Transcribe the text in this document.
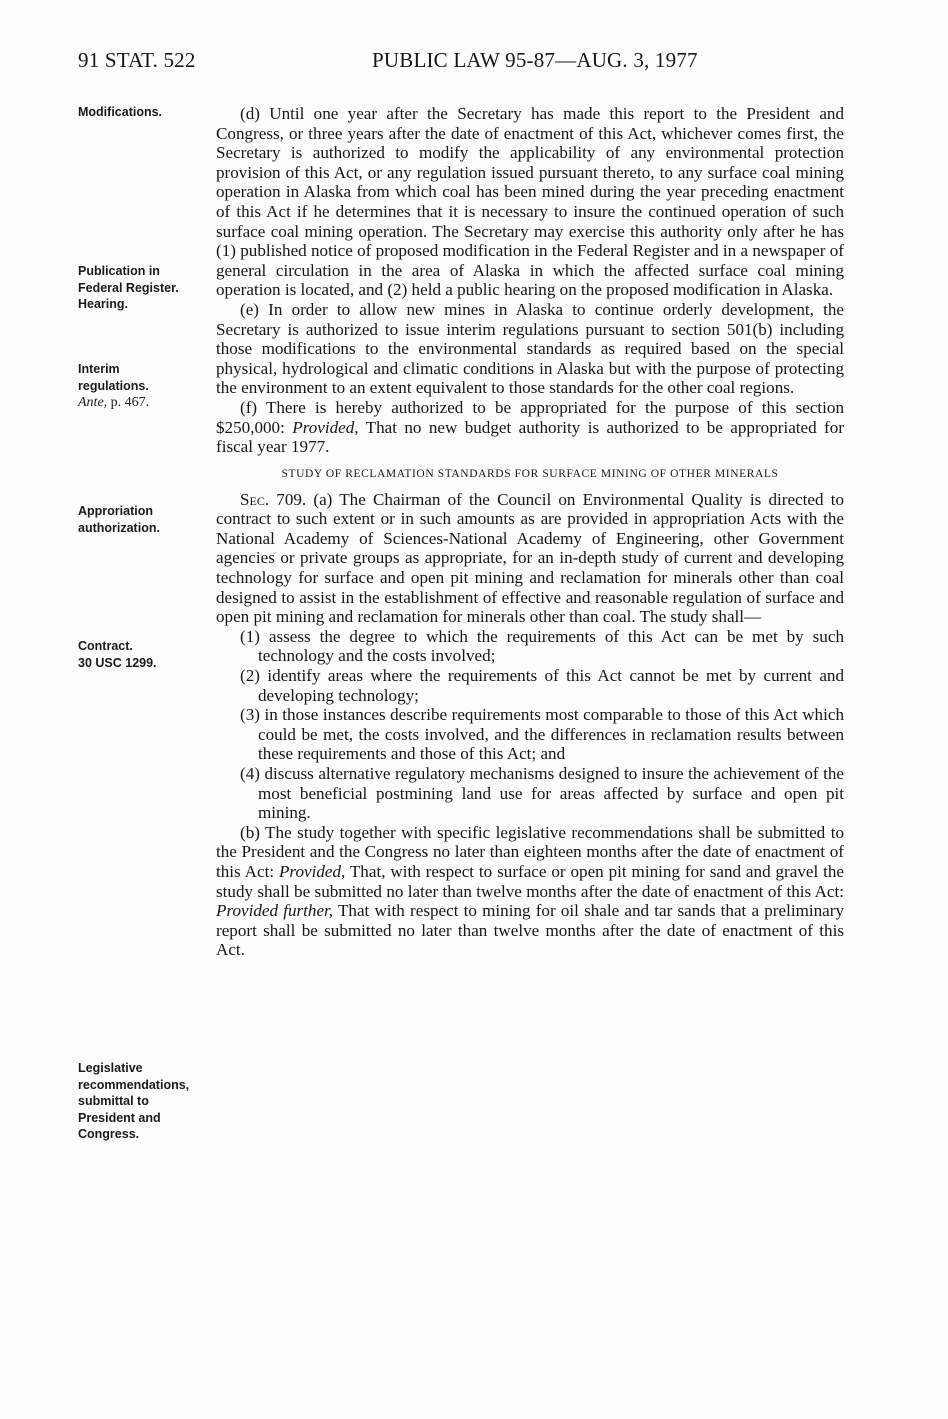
91 STAT. 522	PUBLIC LAW 95-87—AUG. 3, 1977

Modifications.
Publication in
Federal Register.
Hearing.
Interim
regulations.
Ante, p. 467.
Approriation
authorization.
Contract.
30 USC 1299.
Legislative
recommendations,
submittal to
President and
Congress.

(d) Until one year after the Secretary has made this report to the President and Congress, or three years after the date of enactment of this Act, whichever comes first, the Secretary is authorized to modify the applicability of any environmental protection provision of this Act, or any regulation issued pursuant thereto, to any surface coal mining operation in Alaska from which coal has been mined during the year preceding enactment of this Act if he determines that it is necessary to insure the continued operation of such surface coal mining operation. The Secretary may exercise this authority only after he has (1) published notice of proposed modification in the Federal Register and in a newspaper of general circulation in the area of Alaska in which the affected surface coal mining operation is located, and (2) held a public hearing on the proposed modification in Alaska.

(e) In order to allow new mines in Alaska to continue orderly development, the Secretary is authorized to issue interim regulations pursuant to section 501(b) including those modifications to the environmental standards as required based on the special physical, hydrological and climatic conditions in Alaska but with the purpose of protecting the environment to an extent equivalent to those standards for the other coal regions.

(f) There is hereby authorized to be appropriated for the purpose of this section $250,000: Provided, That no new budget authority is authorized to be appropriated for fiscal year 1977.

STUDY OF RECLAMATION STANDARDS FOR SURFACE MINING OF OTHER MINERALS

Sec. 709. (a) The Chairman of the Council on Environmental Quality is directed to contract to such extent or in such amounts as are provided in appropriation Acts with the National Academy of Sciences-National Academy of Engineering, other Government agencies or private groups as appropriate, for an in-depth study of current and developing technology for surface and open pit mining and reclamation for minerals other than coal designed to assist in the establishment of effective and reasonable regulation of surface and open pit mining and reclamation for minerals other than coal. The study shall—

(1) assess the degree to which the requirements of this Act can be met by such technology and the costs involved;

(2) identify areas where the requirements of this Act cannot be met by current and developing technology;

(3) in those instances describe requirements most comparable to those of this Act which could be met, the costs involved, and the differences in reclamation results between these requirements and those of this Act; and

(4) discuss alternative regulatory mechanisms designed to insure the achievement of the most beneficial postmining land use for areas affected by surface and open pit mining.

(b) The study together with specific legislative recommendations shall be submitted to the President and the Congress no later than eighteen months after the date of enactment of this Act: Provided, That, with respect to surface or open pit mining for sand and gravel the study shall be submitted no later than twelve months after the date of enactment of this Act: Provided further, That with respect to mining for oil shale and tar sands that a preliminary report shall be submitted no later than twelve months after the date of enactment of this Act.
